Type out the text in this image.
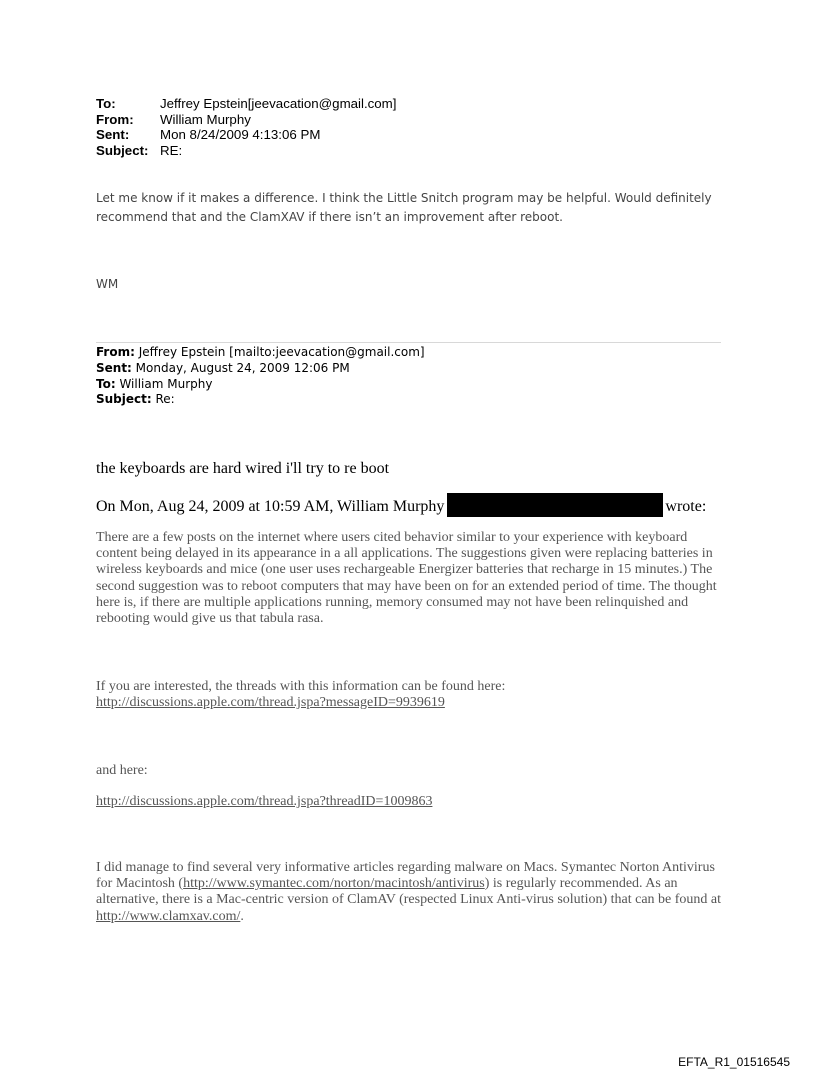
To:	Jeffrey Epstein[jeevacation@gmail.com]
From:	William Murphy
Sent:	Mon 8/24/2009 4:13:06 PM
Subject: RE:
Let me know if it makes a difference. I think the Little Snitch program may be helpful. Would definitely recommend that and the ClamXAV if there isn’t an improvement after reboot.
WM
From: Jeffrey Epstein [mailto:jeevacation@gmail.com]
Sent: Monday, August 24, 2009 12:06 PM
To: William Murphy
Subject: Re:
the keyboards are hard wired i'll try to re boot
On Mon, Aug 24, 2009 at 10:59 AM, William Murphy	wrote:
There are a few posts on the internet where users cited behavior similar to your experience with keyboard content being delayed in its appearance in a all applications. The suggestions given were replacing batteries in wireless keyboards and mice (one user uses rechargeable Energizer batteries that recharge in 15 minutes.) The second suggestion was to reboot computers that may have been on for an extended period of time. The thought here is, if there are multiple applications running, memory consumed may not have been relinquished and rebooting would give us that tabula rasa.
If you are interested, the threads with this information can be found here:
http://discussions.apple.com/thread.jspa?messageID=9939619
and here:
http://discussions.apple.com/thread.jspa?threadID=1009863
I did manage to find several very informative articles regarding malware on Macs. Symantec Norton Antivirus for Macintosh (http://www.symantec.com/norton/macintosh/antivirus) is regularly recommended. As an alternative, there is a Mac-centric version of ClamAV (respected Linux Anti-virus solution) that can be found at http://www.clamxav.com/.
EFTA_R1_01516545
